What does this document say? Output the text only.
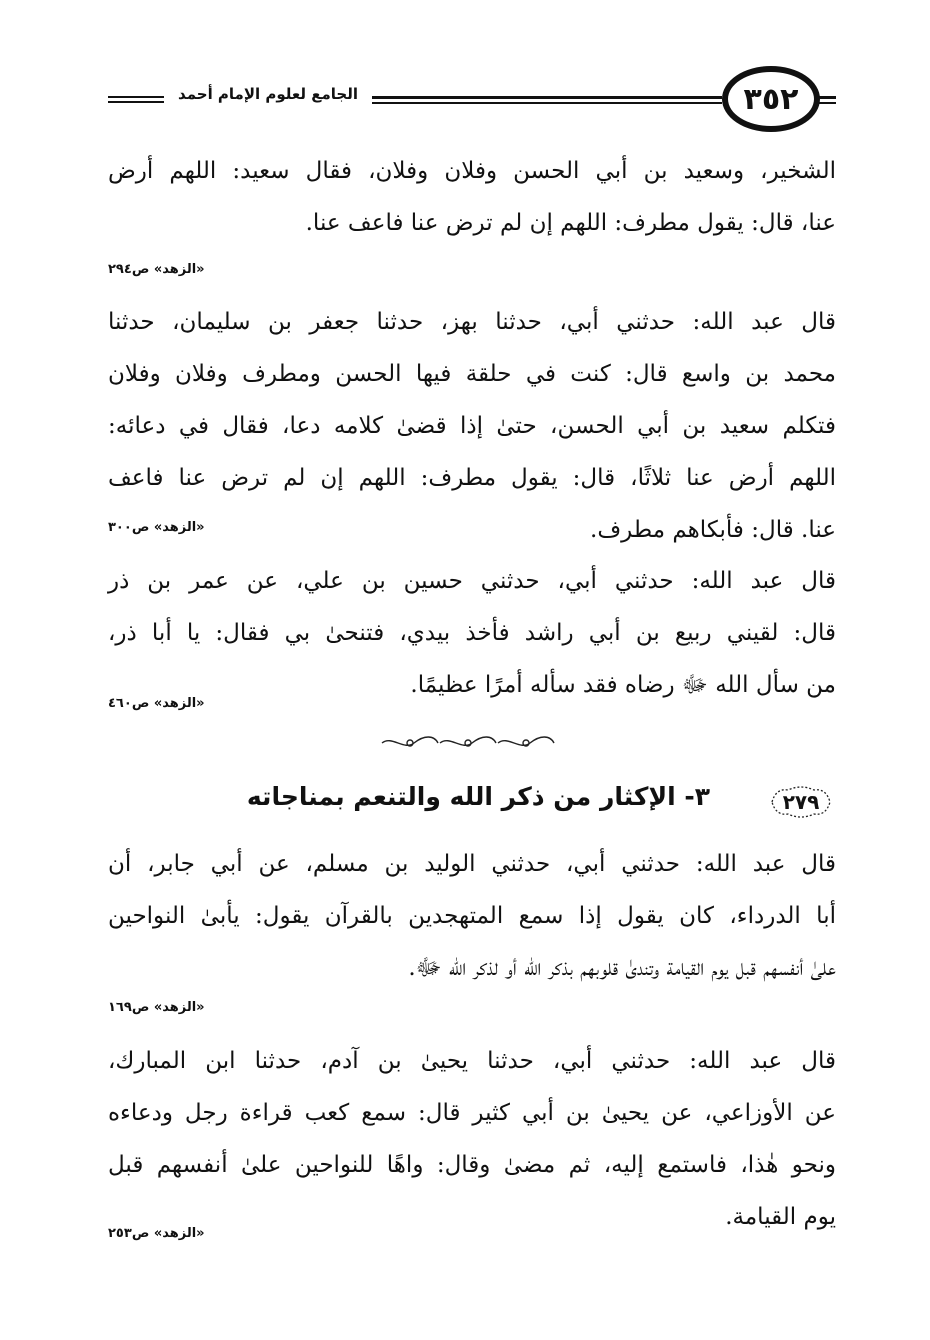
الجامع لعلوم الإمام أحمد	٣٥٢
الشخير، وسعيد بن أبي الحسن وفلان وفلان، فقال سعيد: اللهم أرض
عنا، قال: يقول مطرف: اللهم إن لم ترض عنا فاعف عنا.
«الزهد» ص٢٩٤
قال عبد الله: حدثني أبي، حدثنا بهز، حدثنا جعفر بن سليمان، حدثنا
محمد بن واسع قال: كنت في حلقة فيها الحسن ومطرف وفلان وفلان
فتكلم سعيد بن أبي الحسن، حتىٰ إذا قضىٰ كلامه دعا، فقال في دعائه:
اللهم أرض عنا ثلاثًا، قال: يقول مطرف: اللهم إن لم ترض عنا فاعف
عنا. قال: فأبكاهم مطرف.
«الزهد» ص٣٠٠
قال عبد الله: حدثني أبي، حدثني حسين بن علي، عن عمر بن ذر
قال: لقيني ربيع بن أبي راشد فأخذ بيدي، فتنحىٰ بي فقال: يا أبا ذر،
من سأل الله ﷻ رضاه فقد سأله أمرًا عظيمًا.
«الزهد» ص٤٦٠
٣- الإكثار من ذكر الله والتنعم بمناجاته	٢٧٩
قال عبد الله: حدثني أبي، حدثني الوليد بن مسلم، عن أبي جابر، أن
أبا الدرداء، كان يقول إذا سمع المتهجدين بالقرآن يقول: يأبىٰ النواحين
علىٰ أنفسهم قبل يوم القيامة وتندىٰ قلوبهم بذكر الله أو لذكر الله ﷻ.
«الزهد» ص١٦٩
قال عبد الله: حدثني أبي، حدثنا يحيىٰ بن آدم، حدثنا ابن المبارك،
عن الأوزاعي، عن يحيىٰ بن أبي كثير قال: سمع كعب قراءة رجل ودعاءه
ونحو هٰذا، فاستمع إليه، ثم مضىٰ وقال: واهًا للنواحين علىٰ أنفسهم قبل
يوم القيامة.
«الزهد» ص٢٥٣
